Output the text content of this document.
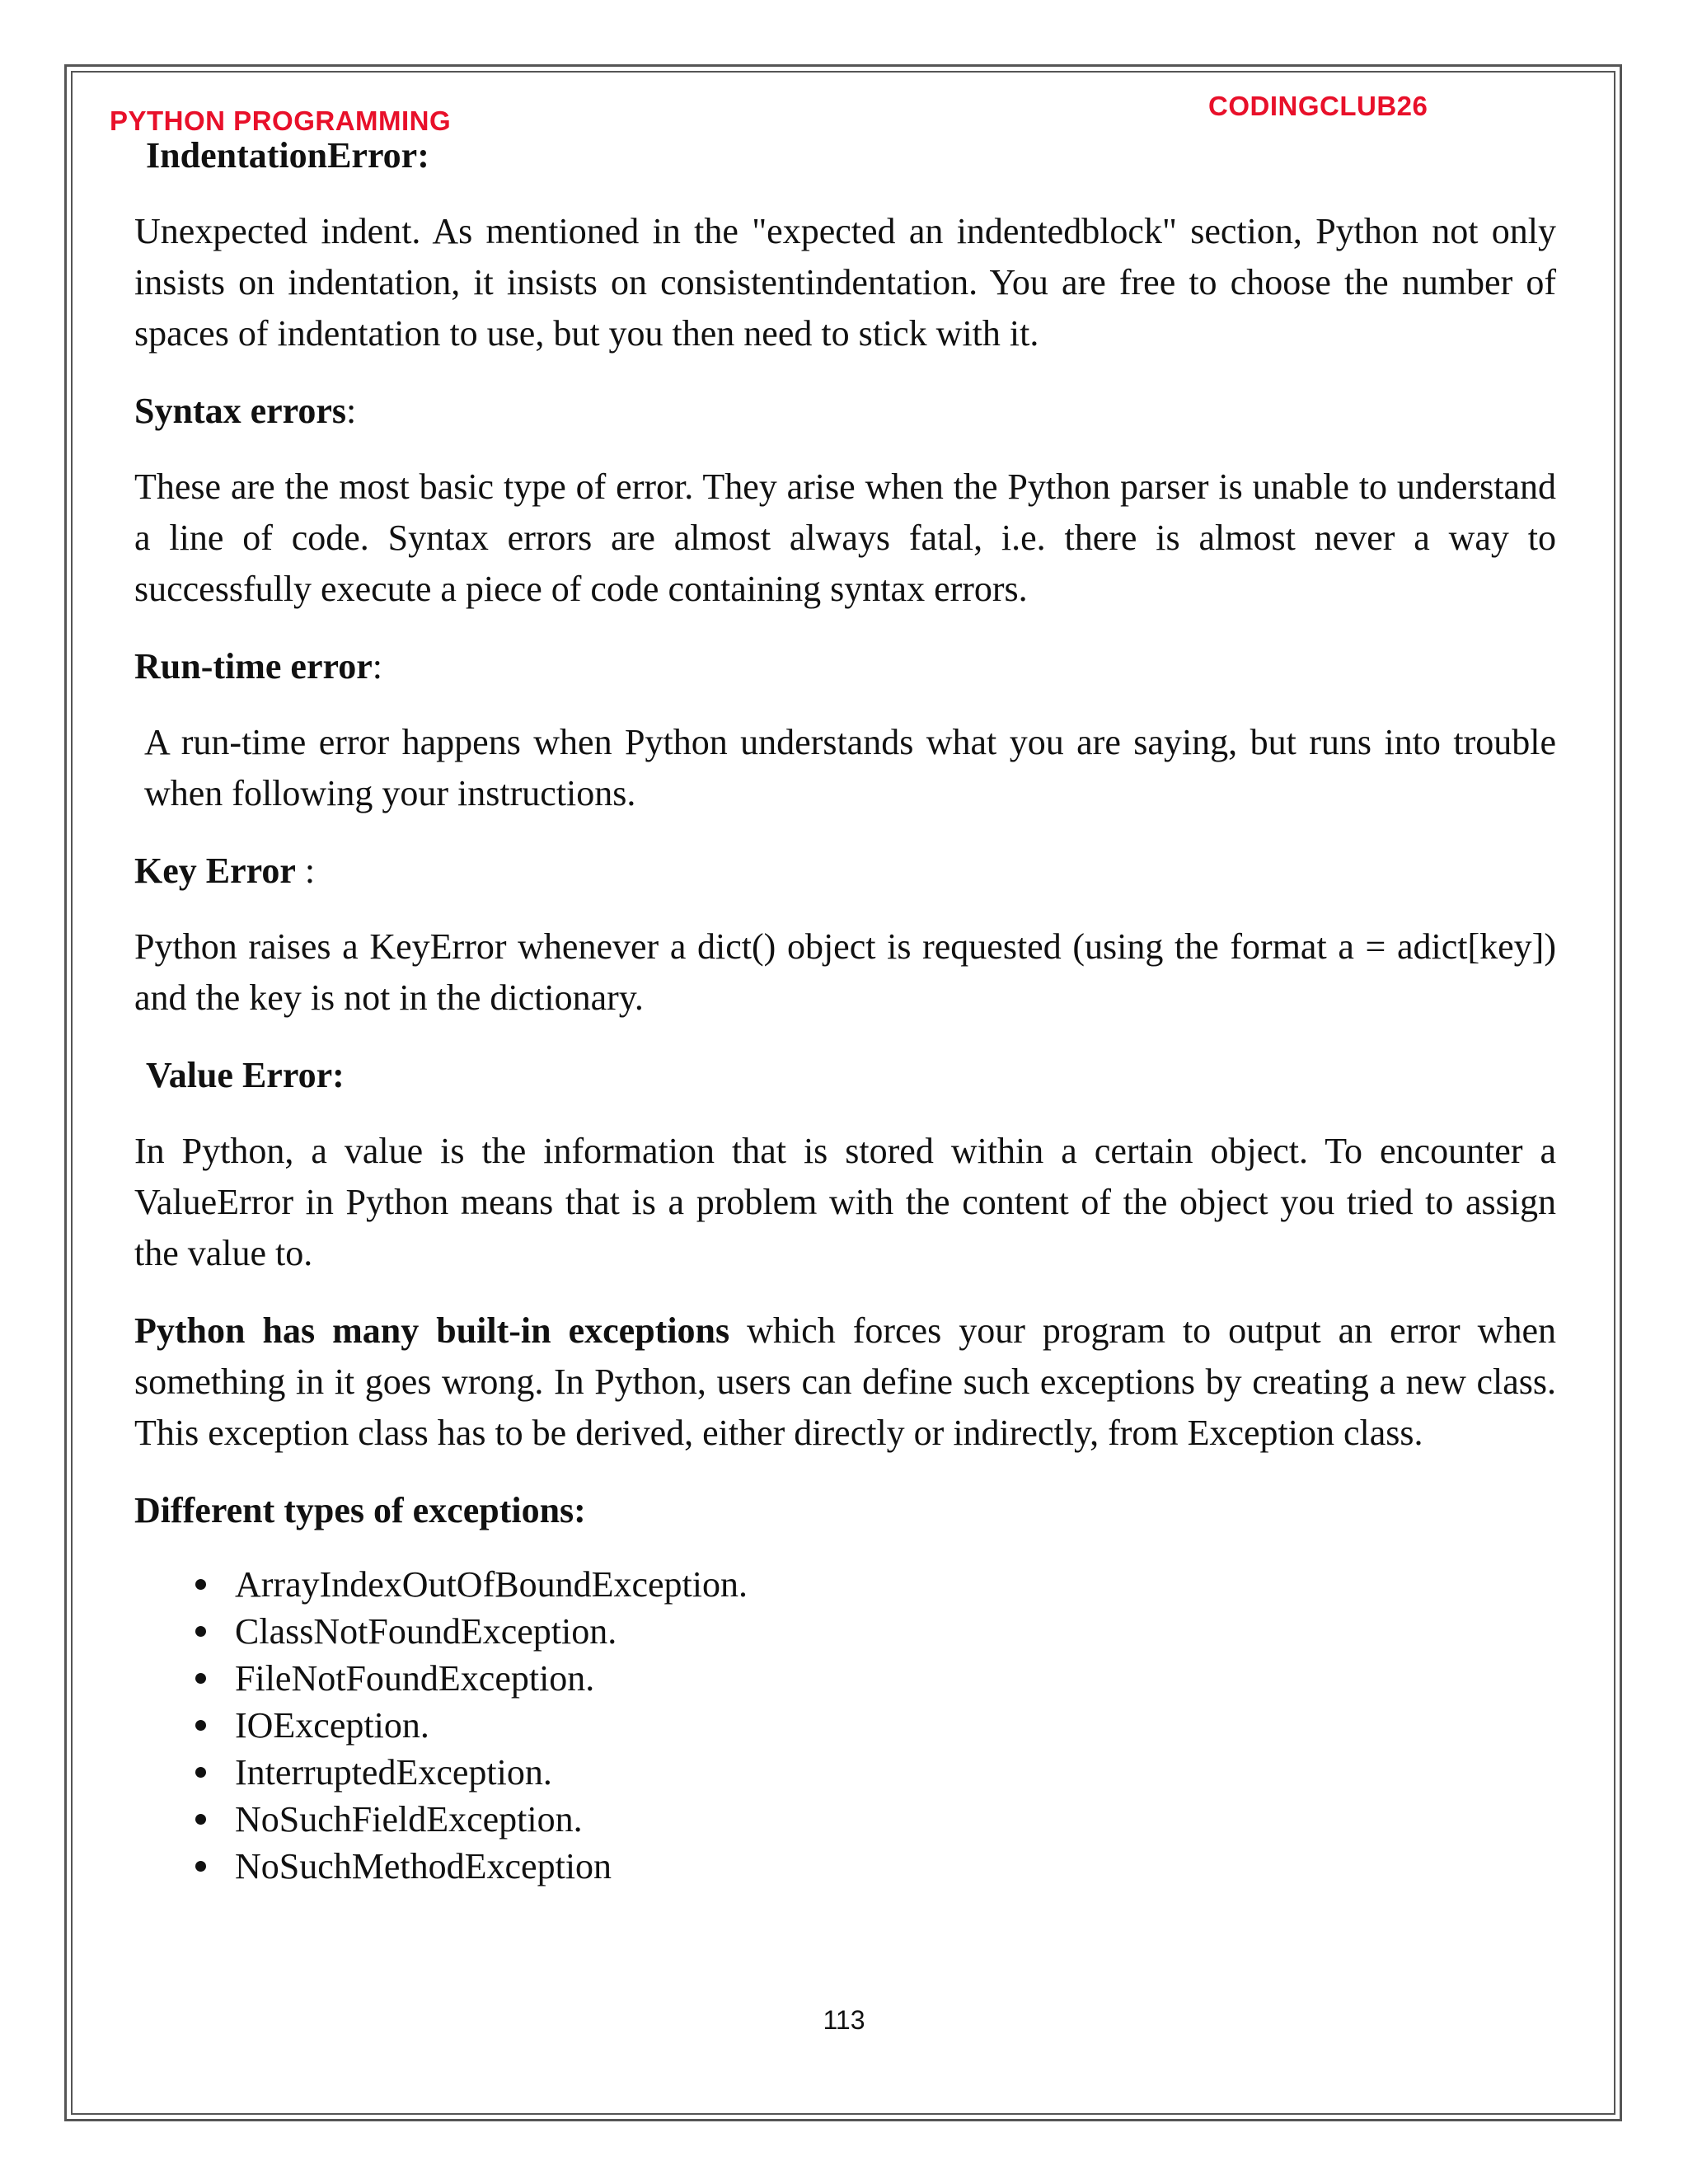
PYTHON PROGRAMMING	CODINGCLUB26

IndentationError:

Unexpected indent. As mentioned in the "expected an indentedblock" section, Python not only insists on indentation, it insists on consistentindentation. You are free to choose the number of spaces of indentation to use, but you then need to stick with it.

Syntax errors:

These are the most basic type of error. They arise when the Python parser is unable to understand a line of code. Syntax errors are almost always fatal, i.e. there is almost never a way to successfully execute a piece of code containing syntax errors.

Run-time error:

A run-time error happens when Python understands what you are saying, but runs into trouble when following your instructions.

Key Error :

Python raises a KeyError whenever a dict() object is requested (using the format a = adict[key]) and the key is not in the dictionary.

Value Error:

In Python, a value is the information that is stored within a certain object. To encounter a ValueError in Python means that is a problem with the content of the object you tried to assign the value to.

Python has many built-in exceptions which forces your program to output an error when something in it goes wrong. In Python, users can define such exceptions by creating a new class. This exception class has to be derived, either directly or indirectly, from Exception class.

Different types of exceptions:

ArrayIndexOutOfBoundException.
ClassNotFoundException.
FileNotFoundException.
IOException.
InterruptedException.
NoSuchFieldException.
NoSuchMethodException
113
